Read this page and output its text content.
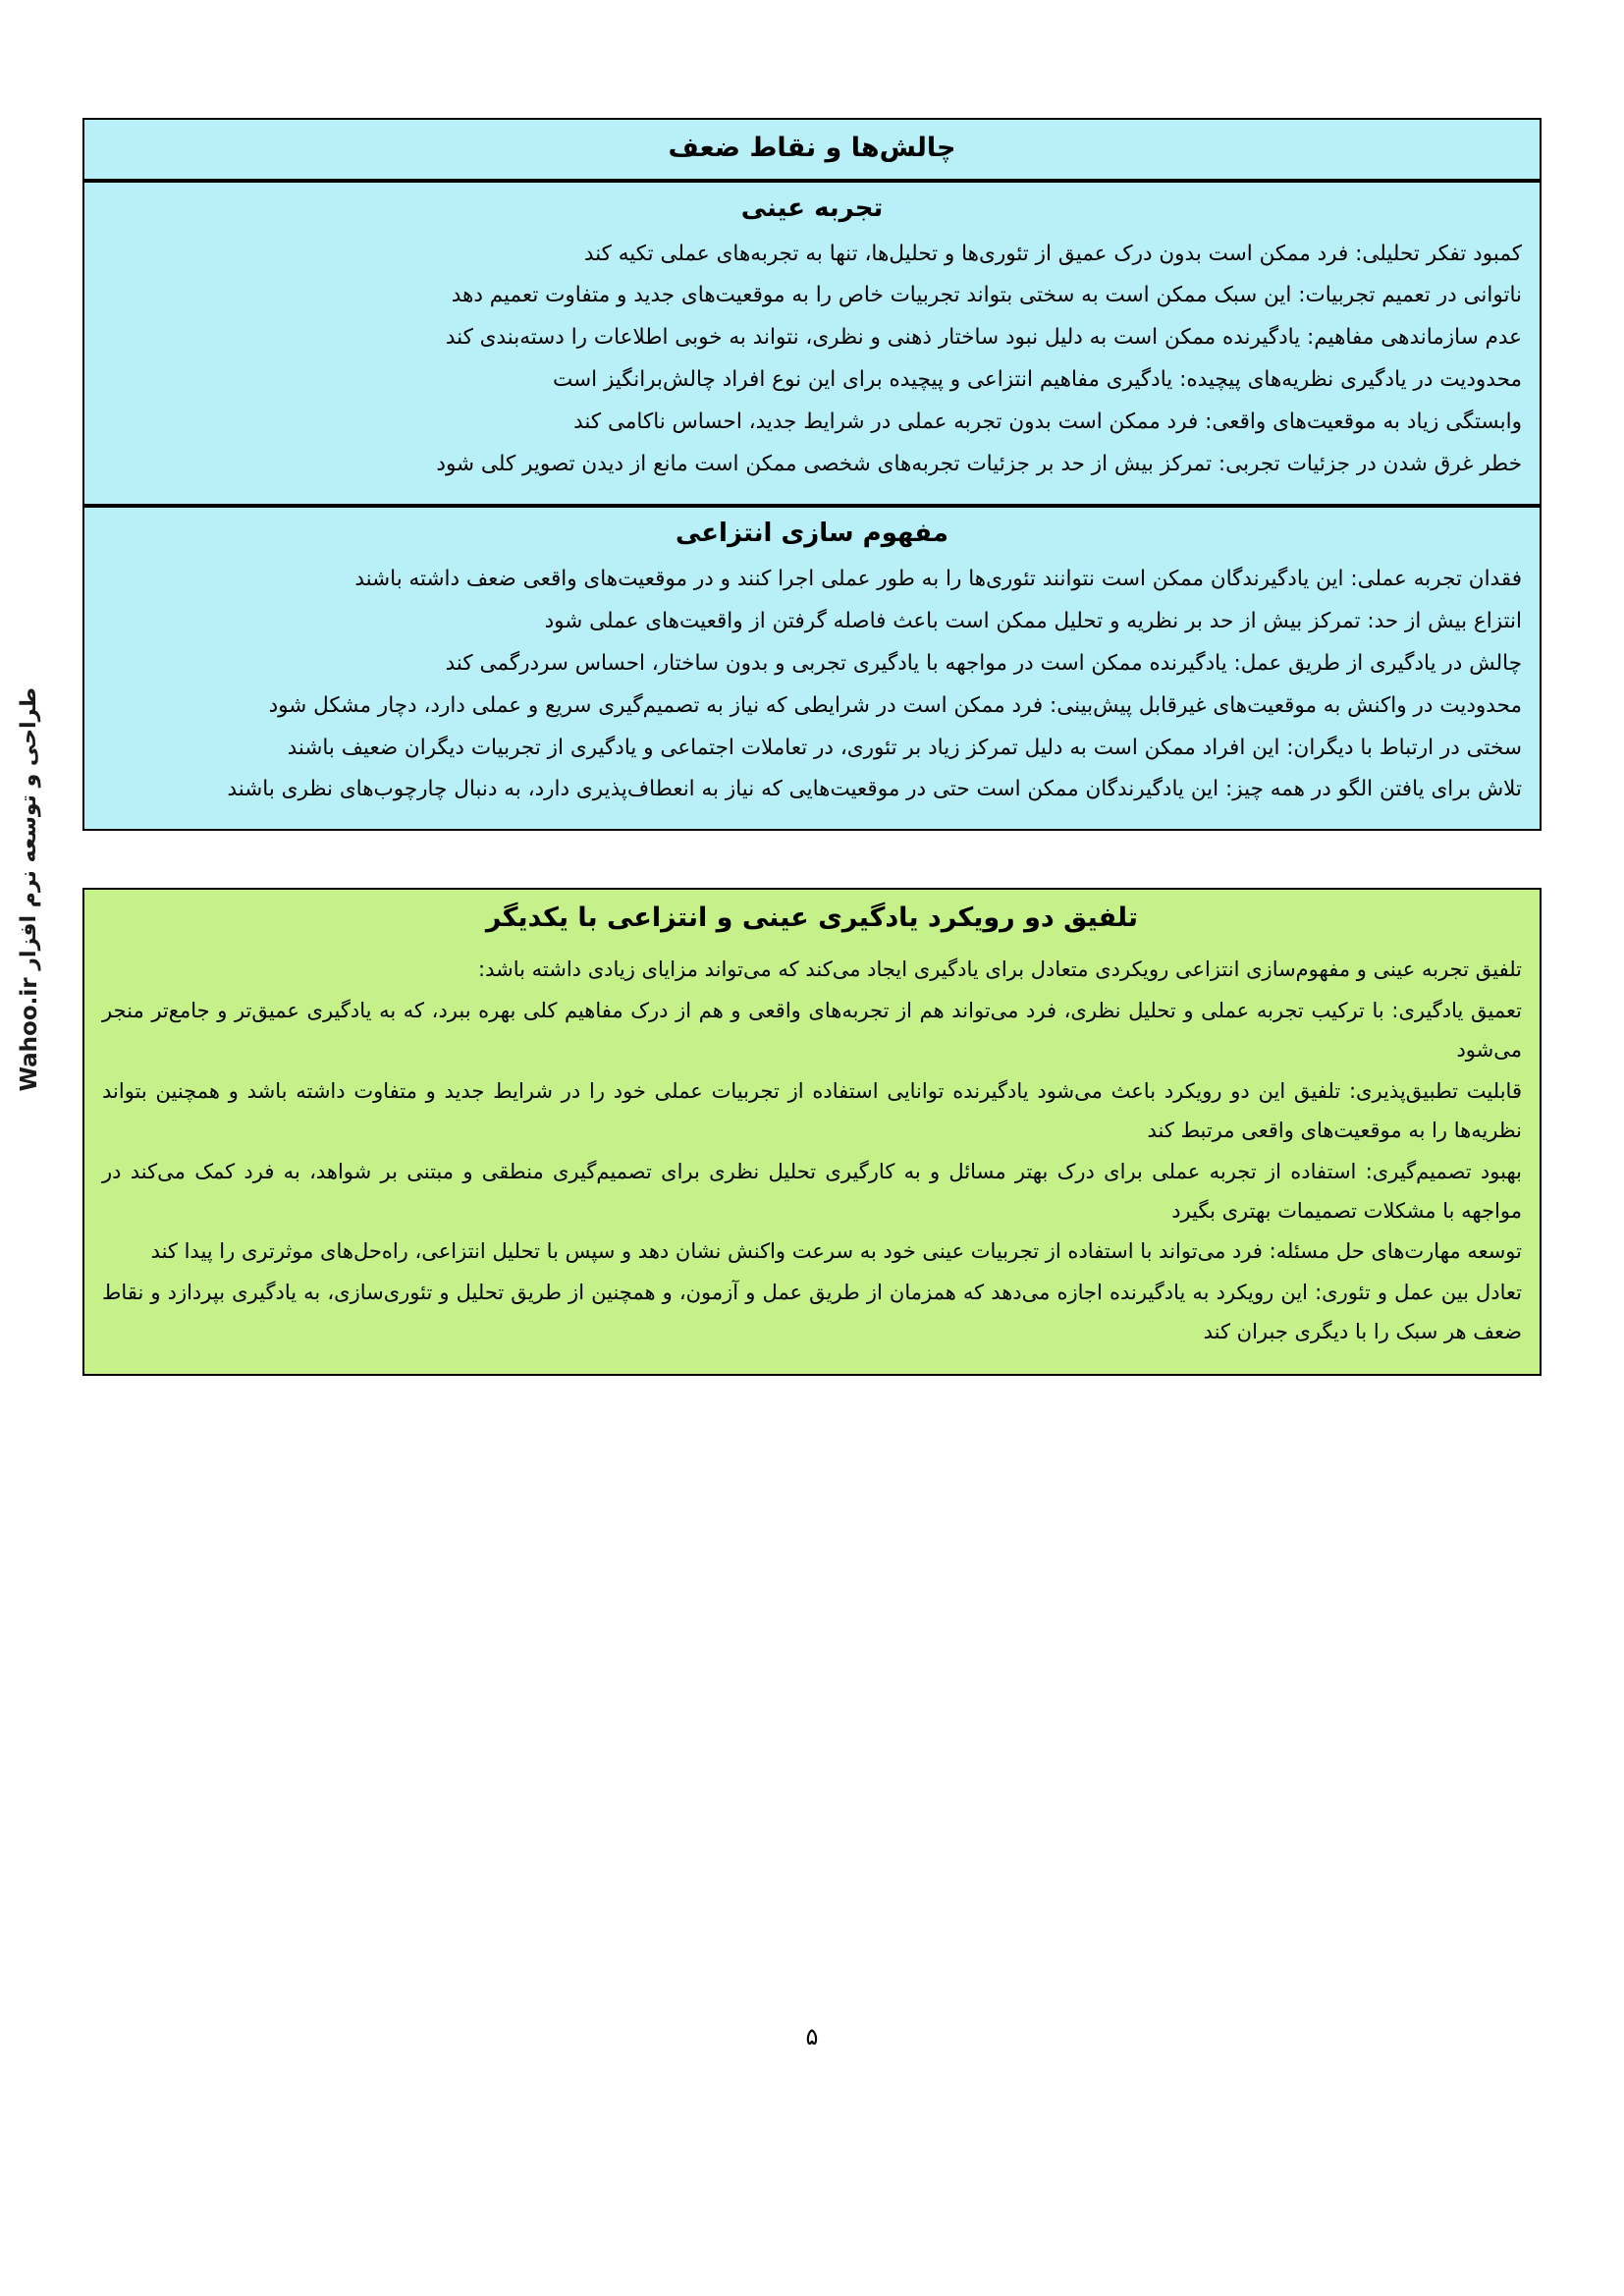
طراحی و توسعه نرم افزار Wahoo.ir
چالش‌ها و نقاط ضعف

تجربه عینی

کمبود تفکر تحلیلی: فرد ممکن است بدون درک عمیق از تئوری‌ها و تحلیل‌ها، تنها به تجربه‌های عملی تکیه کند

ناتوانی در تعمیم تجربیات: این سبک ممکن است به سختی بتواند تجربیات خاص را به موقعیت‌های جدید و متفاوت تعمیم دهد

عدم سازماندهی مفاهیم: یادگیرنده ممکن است به دلیل نبود ساختار ذهنی و نظری، نتواند به خوبی اطلاعات را دسته‌بندی کند

محدودیت در یادگیری نظریه‌های پیچیده: یادگیری مفاهیم انتزاعی و پیچیده برای این نوع افراد چالش‌برانگیز است

وابستگی زیاد به موقعیت‌های واقعی: فرد ممکن است بدون تجربه عملی در شرایط جدید، احساس ناکامی کند

خطر غرق شدن در جزئیات تجربی: تمرکز بیش از حد بر جزئیات تجربه‌های شخصی ممکن است مانع از دیدن تصویر کلی شود

مفهوم سازی انتزاعی

فقدان تجربه عملی: این یادگیرندگان ممکن است نتوانند تئوری‌ها را به طور عملی اجرا کنند و در موقعیت‌های واقعی ضعف داشته باشند

انتزاع بیش از حد: تمرکز بیش از حد بر نظریه و تحلیل ممکن است باعث فاصله گرفتن از واقعیت‌های عملی شود

چالش در یادگیری از طریق عمل: یادگیرنده ممکن است در مواجهه با یادگیری تجربی و بدون ساختار، احساس سردرگمی کند

محدودیت در واکنش به موقعیت‌های غیرقابل پیش‌بینی: فرد ممکن است در شرایطی که نیاز به تصمیم‌گیری سریع و عملی دارد، دچار مشکل شود

سختی در ارتباط با دیگران: این افراد ممکن است به دلیل تمرکز زیاد بر تئوری، در تعاملات اجتماعی و یادگیری از تجربیات دیگران ضعیف باشند

تلاش برای یافتن الگو در همه چیز: این یادگیرندگان ممکن است حتی در موقعیت‌هایی که نیاز به انعطاف‌پذیری دارد، به دنبال چارچوب‌های نظری باشند

تلفیق دو رویکرد یادگیری عینی و انتزاعی با یکدیگر

تلفیق تجربه عینی و مفهوم‌سازی انتزاعی رویکردی متعادل برای یادگیری ایجاد می‌کند که می‌تواند مزایای زیادی داشته باشد:

تعمیق یادگیری: با ترکیب تجربه عملی و تحلیل نظری، فرد می‌تواند هم از تجربه‌های واقعی و هم از درک مفاهیم کلی بهره ببرد، که به یادگیری عمیق‌تر و جامع‌تر منجر می‌شود

قابلیت تطبیق‌پذیری: تلفیق این دو رویکرد باعث می‌شود یادگیرنده توانایی استفاده از تجربیات عملی خود را در شرایط جدید و متفاوت داشته باشد و همچنین بتواند نظریه‌ها را به موقعیت‌های واقعی مرتبط کند

بهبود تصمیم‌گیری: استفاده از تجربه عملی برای درک بهتر مسائل و به کارگیری تحلیل نظری برای تصمیم‌گیری منطقی و مبتنی بر شواهد، به فرد کمک می‌کند در مواجهه با مشکلات تصمیمات بهتری بگیرد

توسعه مهارت‌های حل مسئله: فرد می‌تواند با استفاده از تجربیات عینی خود به سرعت واکنش نشان دهد و سپس با تحلیل انتزاعی، راه‌حل‌های موثرتری را پیدا کند

تعادل بین عمل و تئوری: این رویکرد به یادگیرنده اجازه می‌دهد که همزمان از طریق عمل و آزمون، و همچنین از طریق تحلیل و تئوری‌سازی، به یادگیری بپردازد و نقاط ضعف هر سبک را با دیگری جبران کند

۵
